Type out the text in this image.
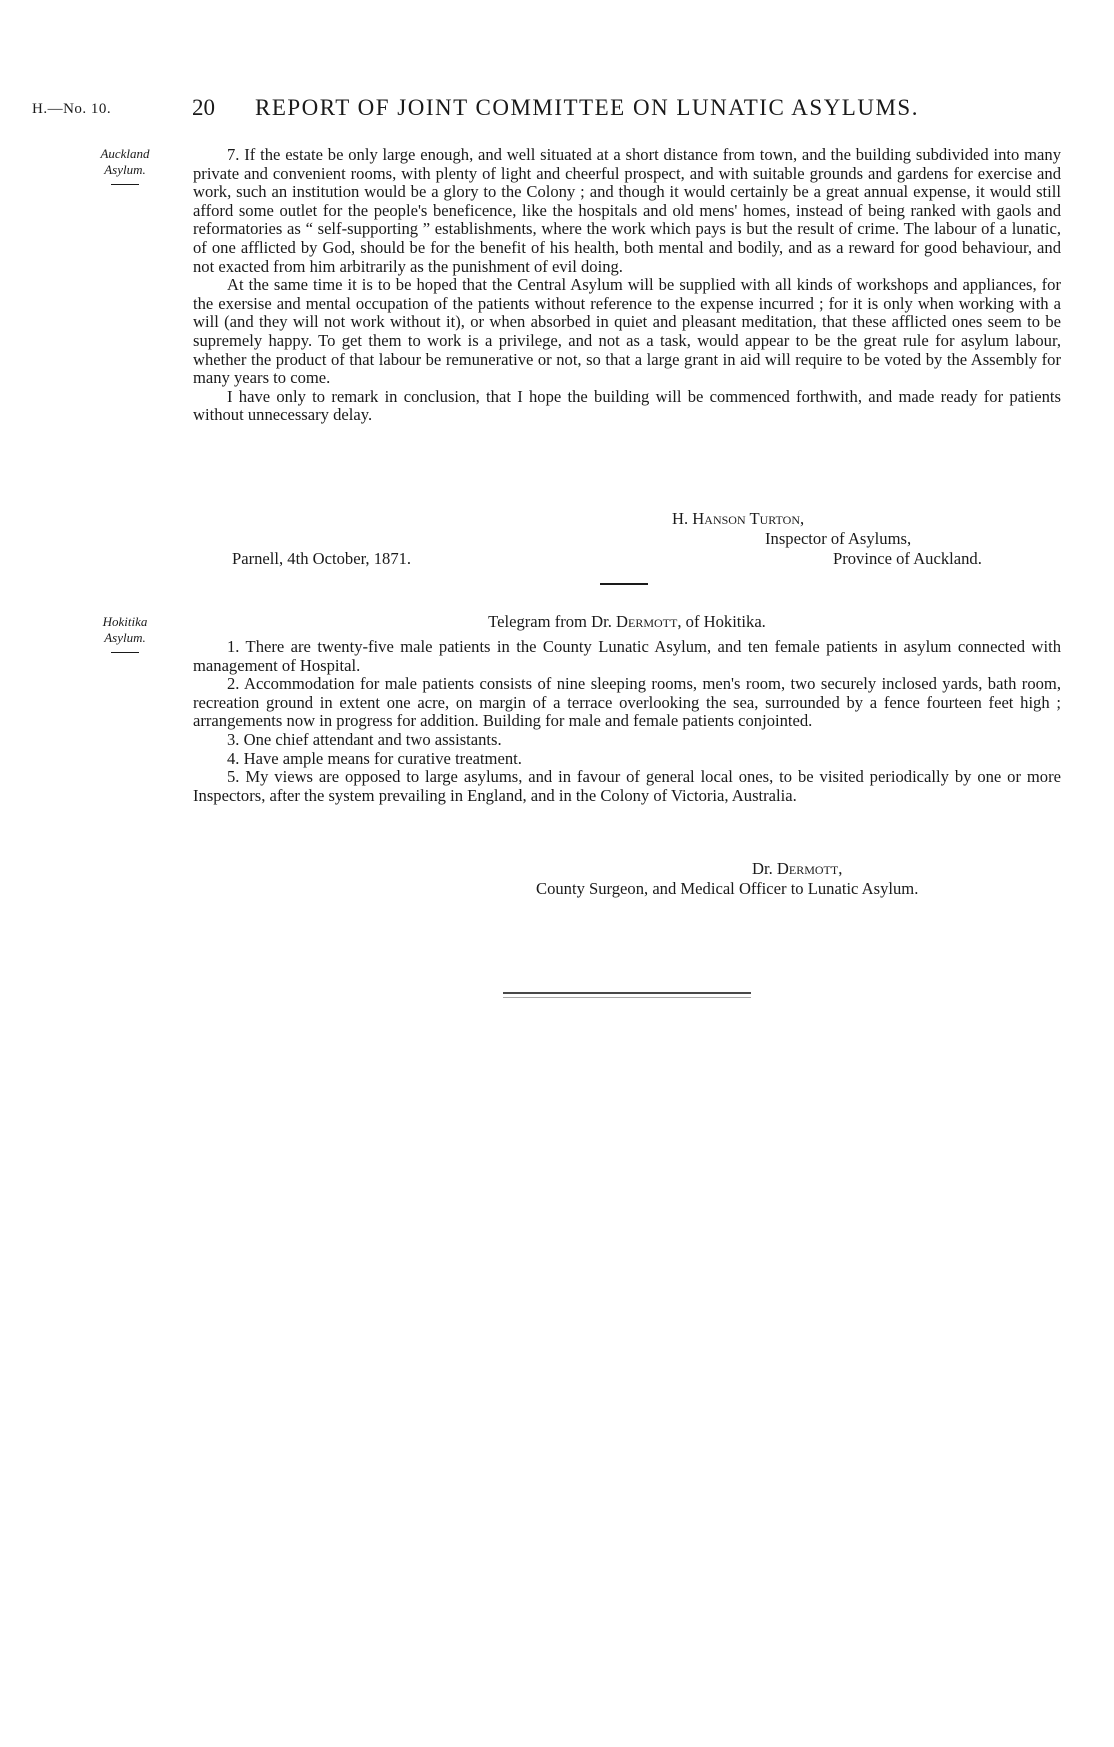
H.—No. 10.	20 REPORT OF JOINT COMMITTEE ON LUNATIC ASYLUMS.
Auckland
Asylum.

7. If the estate be only large enough, and well situated at a short distance from town, and the building subdivided into many private and convenient rooms, with plenty of light and cheerful prospect, and with suitable grounds and gardens for exercise and work, such an institution would be a glory to the Colony ; and though it would certainly be a great annual expense, it would still afford some outlet for the people's beneficence, like the hospitals and old mens' homes, instead of being ranked with gaols and reformatories as “ self-supporting ” establishments, where the work which pays is but the result of crime. The labour of a lunatic, of one afflicted by God, should be for the benefit of his health, both mental and bodily, and as a reward for good behaviour, and not exacted from him arbitrarily as the punishment of evil doing.

At the same time it is to be hoped that the Central Asylum will be supplied with all kinds of workshops and appliances, for the exersise and mental occupation of the patients without reference to the expense incurred ; for it is only when working with a will (and they will not work without it), or when absorbed in quiet and pleasant meditation, that these afflicted ones seem to be supremely happy. To get them to work is a privilege, and not as a task, would appear to be the great rule for asylum labour, whether the product of that labour be remunerative or not, so that a large grant in aid will require to be voted by the Assembly for many years to come.

I have only to remark in conclusion, that I hope the building will be commenced forthwith, and made ready for patients without unnecessary delay.

H. Hanson Turton,
Inspector of Asylums,
Parnell, 4th October, 1871.	Province of Auckland.
Hokitika
Asylum.
Telegram from Dr. Dermott, of Hokitika.

1. There are twenty-five male patients in the County Lunatic Asylum, and ten female patients in asylum connected with management of Hospital.

2. Accommodation for male patients consists of nine sleeping rooms, men's room, two securely inclosed yards, bath room, recreation ground in extent one acre, on margin of a terrace overlooking the sea, surrounded by a fence fourteen feet high ; arrangements now in progress for addition. Building for male and female patients conjointed.

3. One chief attendant and two assistants.

4. Have ample means for curative treatment.

5. My views are opposed to large asylums, and in favour of general local ones, to be visited periodically by one or more Inspectors, after the system prevailing in England, and in the Colony of Victoria, Australia.

Dr. Dermott,
County Surgeon, and Medical Officer to Lunatic Asylum.
